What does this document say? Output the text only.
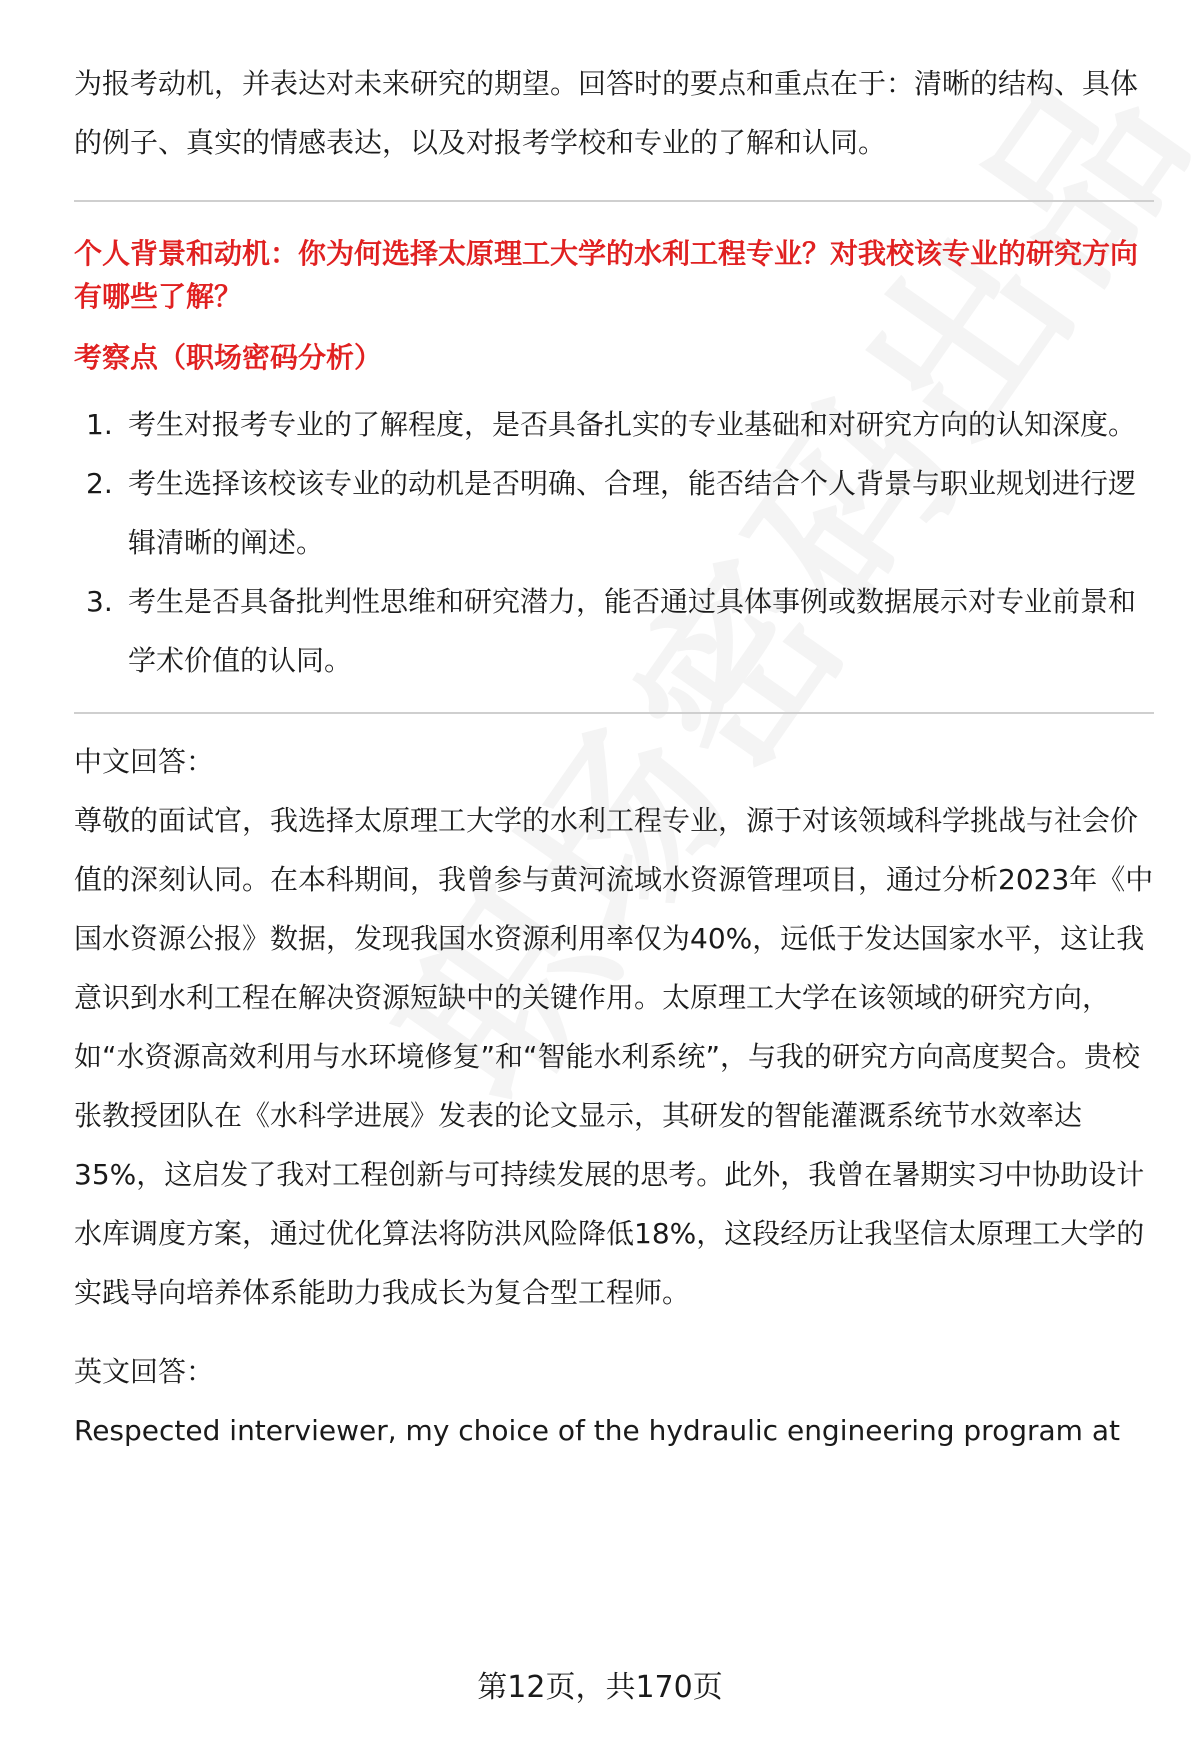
为报考动机，并表达对未来研究的期望。回答时的要点和重点在于：清晰的结构、具体的例子、真实的情感表达，以及对报考学校和专业的了解和认同。

个人背景和动机：你为何选择太原理工大学的水利工程专业？对我校该专业的研究方向有哪些了解？

考察点（职场密码分析）

1. 考生对报考专业的了解程度，是否具备扎实的专业基础和对研究方向的认知深度。
2. 考生选择该校该专业的动机是否明确、合理，能否结合个人背景与职业规划进行逻辑清晰的阐述。
3. 考生是否具备批判性思维和研究潜力，能否通过具体事例或数据展示对专业前景和学术价值的认同。

中文回答：

尊敬的面试官，我选择太原理工大学的水利工程专业，源于对该领域科学挑战与社会价值的深刻认同。在本科期间，我曾参与黄河流域水资源管理项目，通过分析2023年《中国水资源公报》数据，发现我国水资源利用率仅为40%，远低于发达国家水平，这让我意识到水利工程在解决资源短缺中的关键作用。太原理工大学在该领域的研究方向，如“水资源高效利用与水环境修复”和“智能水利系统”，与我的研究方向高度契合。贵校张教授团队在《水科学进展》发表的论文显示，其研发的智能灌溉系统节水效率达35%，这启发了我对工程创新与可持续发展的思考。此外，我曾在暑期实习中协助设计水库调度方案，通过优化算法将防洪风险降低18%，这段经历让我坚信太原理工大学的实践导向培养体系能助力我成长为复合型工程师。

英文回答：

Respected interviewer, my choice of the hydraulic engineering program at

第12页，共170页
